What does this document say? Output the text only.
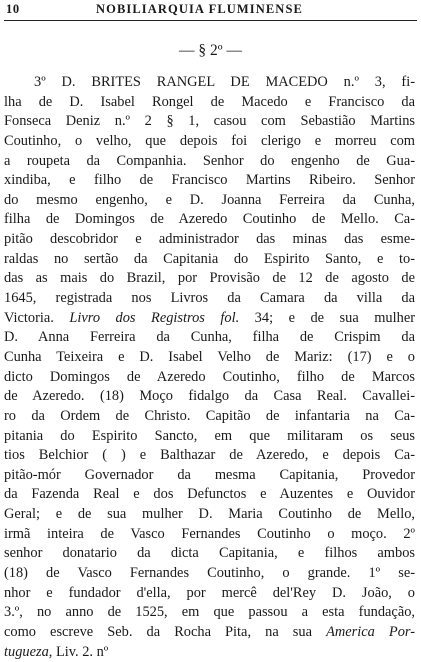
10	NOBILIARQUIA FLUMINENSE
— § 2º —
3º D. BRITES RANGEL DE MACEDO n.º 3, fi-
lha de D. Isabel Rongel de Macedo e Francisco da
Fonseca Deniz n.º 2 § 1, casou com Sebastião Martins
Coutinho, o velho, que depois foi clerigo e morreu com
a roupeta da Companhia. Senhor do engenho de Gua-
xindiba, e filho de Francisco Martins Ribeiro. Senhor
do mesmo engenho, e D. Joanna Ferreira da Cunha,
filha de Domingos de Azeredo Coutinho de Mello. Ca-
pitão descobridor e administrador das minas das esme-
raldas no sertão da Capitania do Espirito Santo, e to-
das as mais do Brazil, por Provisão de 12 de agosto de
1645, registrada nos Livros da Camara da villa da
Victoria. Livro dos Registros fol. 34; e de sua mulher
D. Anna Ferreira da Cunha, filha de Crispim da
Cunha Teixeira e D. Isabel Velho de Mariz: (17) e o
dicto Domingos de Azeredo Coutinho, filho de Marcos
de Azeredo. (18) Moço fidalgo da Casa Real. Cavallei-
ro da Ordem de Christo. Capitão de infantaria na Ca-
pitania do Espirito Sancto, em que militaram os seus
tios Belchior ( ) e Balthazar de Azeredo, e depois Ca-
pitão-mór Governador da mesma Capitania, Provedor
da Fazenda Real e dos Defunctos e Auzentes e Ouvidor
Geral; e de sua mulher D. Maria Coutinho de Mello,
irmã inteira de Vasco Fernandes Coutinho o moço. 2º
senhor donatario da dicta Capitania, e filhos ambos
(18) de Vasco Fernandes Coutinho, o grande. 1º se-
nhor e fundador d'ella, por mercê del'Rey D. João, o
3.º, no anno de 1525, em que passou a esta fundação,
como escreve Seb. da Rocha Pita, na sua America Por-
tugueza, Liv. 2. nº
